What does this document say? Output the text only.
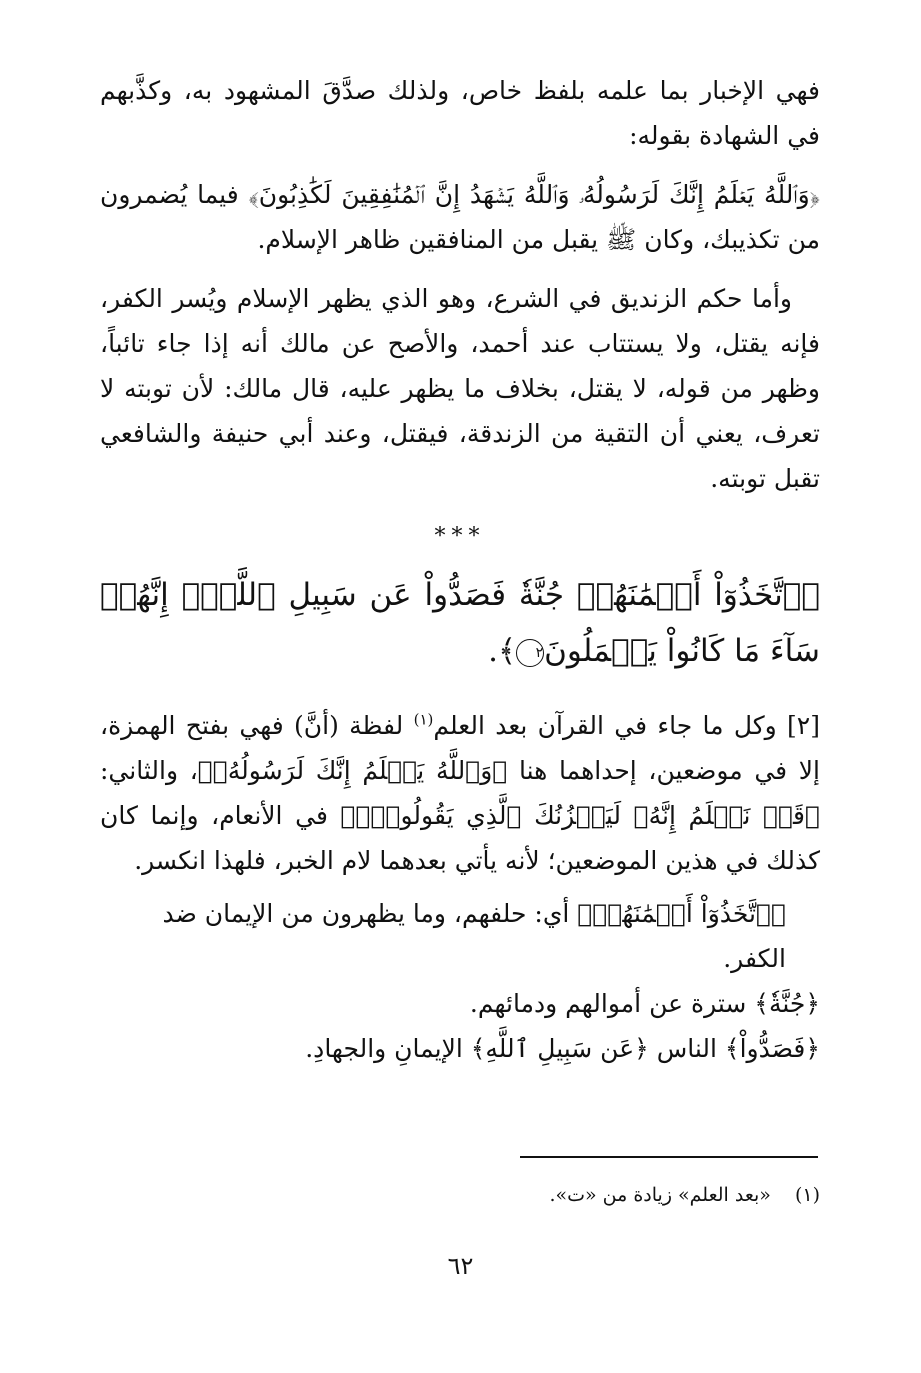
فهي الإخبار بما علمه بلفظ خاص، ولذلك صدَّقَ المشهود به، وكذَّبهم في الشهادة بقوله:

﴿وَٱللَّهُ يَعۡلَمُ إِنَّكَ لَرَسُولُهُۥ وَٱللَّهُ يَشۡهَدُ إِنَّ ٱلۡمُنَٰفِقِينَ لَكَٰذِبُونَ﴾ فيما يُضمرون من تكذيبك، وكان ﷺ يقبل من المنافقين ظاهر الإسلام.

وأما حكم الزنديق في الشرع، وهو الذي يظهر الإسلام ويُسر الكفر، فإنه يقتل، ولا يستتاب عند أحمد، والأصح عن مالك أنه إذا جاء تائباً، وظهر من قوله، لا يقتل، بخلاف ما يظهر عليه، قال مالك: لأن توبته لا تعرف، يعني أن التقية من الزندقة، فيقتل، وعند أبي حنيفة والشافعي تقبل توبته.

***

﴿ٱتَّخَذُوٓاْ أَيۡمَٰنَهُمۡ جُنَّةٗ فَصَدُّواْ عَن سَبِيلِ ٱللَّهِۚ إِنَّهُمۡ سَآءَ مَا كَانُواْ يَعۡمَلُونَ٢﴾.

[٢] وكل ما جاء في القرآن بعد العلم$^{(١)}$ لفظة (أنَّ) فهي بفتح الهمزة، إلا في موضعين، إحداهما هنا ﴿وَٱللَّهُ يَعۡلَمُ إِنَّكَ لَرَسُولُهُۥ﴾، والثاني: ﴿قَدۡ نَعۡلَمُ إِنَّهُۥ لَيَحۡزُنُكَ ٱلَّذِي يَقُولُونَۖ﴾ في الأنعام، وإنما كان كذلك في هذين الموضعين؛ لأنه يأتي بعدهما لام الخبر، فلهذا انكسر.

﴿ٱتَّخَذُوٓاْ أَيۡمَٰنَهُمۡ﴾ أي: حلفهم، وما يظهرون من الإيمان ضد الكفر.

﴿جُنَّةٗ﴾ سترة عن أموالهم ودمائهم.

﴿فَصَدُّواْ﴾ الناس ﴿عَن سَبِيلِ ٱللَّهِ﴾ الإيمانِ والجهادِ.

(١)«بعد العلم» زيادة من «ت».
٦٢
